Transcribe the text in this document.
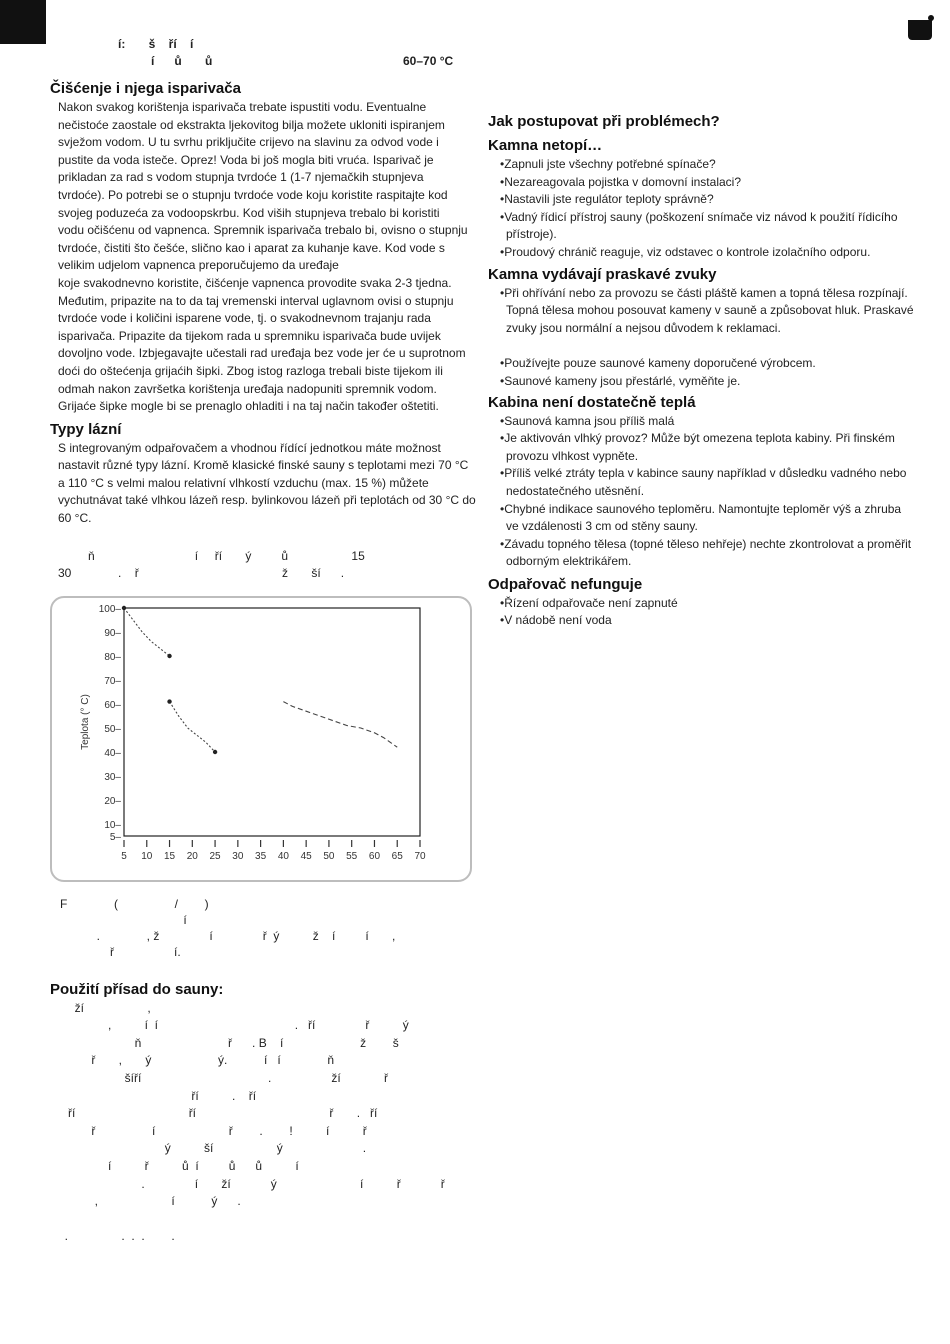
í:       š    ří    í
í      ů       ů	60–70 °C
Čišćenje i njega isparivača
Nakon svakog korištenja isparivača trebate ispustiti vodu. Eventualne
nečistoće zaostale od ekstrakta ljekovitog bilja možete ukloniti ispiranjem
svježom vodom. U tu svrhu priključite crijevo na slavinu za odvod vode i
pustite da voda isteče. Oprez! Voda bi još mogla biti vruća. Isparivač je
prikladan za rad s vodom stupnja tvrdoće 1 (1-7 njemačkih stupnjeva
tvrdoće). Po potrebi se o stupnju tvrdoće vode koju koristite raspitajte kod
svojeg poduzeća za vodoopskrbu. Kod viših stupnjeva trebalo bi koristiti
vodu očišćenu od vapnenca. Spremnik isparivača trebalo bi, ovisno o stupnju
tvrdoće, čistiti što češće, slično kao i aparat za kuhanje kave. Kod vode s
velikim udjelom vapnenca preporučujemo da uređaje
koje svakodnevno koristite, čišćenje vapnenca provodite svaka 2-3 tjedna.
Međutim, pripazite na to da taj vremenski interval uglavnom ovisi o stupnju
tvrdoće vode i količini isparene vode, tj. o svakodnevnom trajanju rada
isparivača. Pripazite da tijekom rada u spremniku isparivača bude uvijek
dovoljno vode. Izbjegavajte učestali rad uređaja bez vode jer će u suprotnom
doći do oštećenja grijaćih šipki. Zbog istog razloga trebali biste tijekom ili
odmah nakon završetka korištenja uređaja nadopuniti spremnik vodom.
Grijaće šipke mogle bi se prenaglo ohladiti i na taj način također oštetiti.
Typy lázní
S integrovaným odpařovačem a vhodnou řídící jednotkou máte možnost
nastavit různé typy lázní. Kromě klasické finské sauny s teplotami mezi 70 °C
a 110 °C s velmi malou relativní vlhkostí vzduchu (max. 15 %) můžete
vychutnávat také vlhkou lázeň resp. bylinkovou lázeň při teplotách od 30 °C do
60 °C.
ň                              í     ří       ý         ů                   15
30              .    ř                                           ž       ší      .
100–
90–
80–
70–
60–
50–
40–
30–
20–
10–
5–
5 10 15 20 25 30 35 40 45 50 55 60 65 70
Teplota (° C)
F              (                 /        )
í
.              , ž               í               ř  ý          ž    í         í       ,
ř                  í.
Použití přísad do sauny:
ží                   ,
,          í  í                                         .   ří               ř          ý
ň                          ř      . B    í                       ž        š
ř       ,       ý                    ý.           í   í              ň
šíří                                      .                  ží             ř
ří          .    ří
ří                                  ří                                        ř       .   ří
ř                 í                      ř        .        !          í          ř
ý          ší                   ý                        .
í          ř          ů  í         ů      ů          í
.               í       ží            ý                         í          ř            ř
,                      í           ý      .

.                .  .  .        .
Jak postupovat při problémech?
Kamna netopí…
•Zapnuli jste všechny potřebné spínače?
•Nezareagovala pojistka v domovní instalaci?
•Nastavili jste regulátor teploty správně?
•Vadný řídicí přístroj sauny (poškození snímače viz návod k použití řídicího
přístroje).
•Proudový chránič reaguje, viz odstavec o kontrole izolačního odporu.
Kamna vydávají praskavé zvuky
•Při ohřívání nebo za provozu se části pláště kamen a topná tělesa rozpínají.
Topná tělesa mohou posouvat kameny v sauně a způsobovat hluk. Praskavé
zvuky jsou normální a nejsou důvodem k reklamaci.
•Používejte pouze saunové kameny doporučené výrobcem.
•Saunové kameny jsou přestárlé, vyměňte je.
Kabina není dostatečně teplá
•Saunová kamna jsou příliš malá
•Je aktivován vlhký provoz? Může být omezena teplota kabiny. Při finském
provozu vlhkost vypněte.
•Příliš velké ztráty tepla v kabince sauny například v důsledku vadného nebo
nedostatečného utěsnění.
•Chybné indikace saunového teploměru. Namontujte teploměr výš a zhruba
ve vzdálenosti 3 cm od stěny sauny.
•Závadu topného tělesa (topné těleso nehřeje) nechte zkontrolovat a proměřit
odborným elektrikářem.
Odpařovač nefunguje
•Řízení odpařovače není zapnuté
•V nádobě není voda
